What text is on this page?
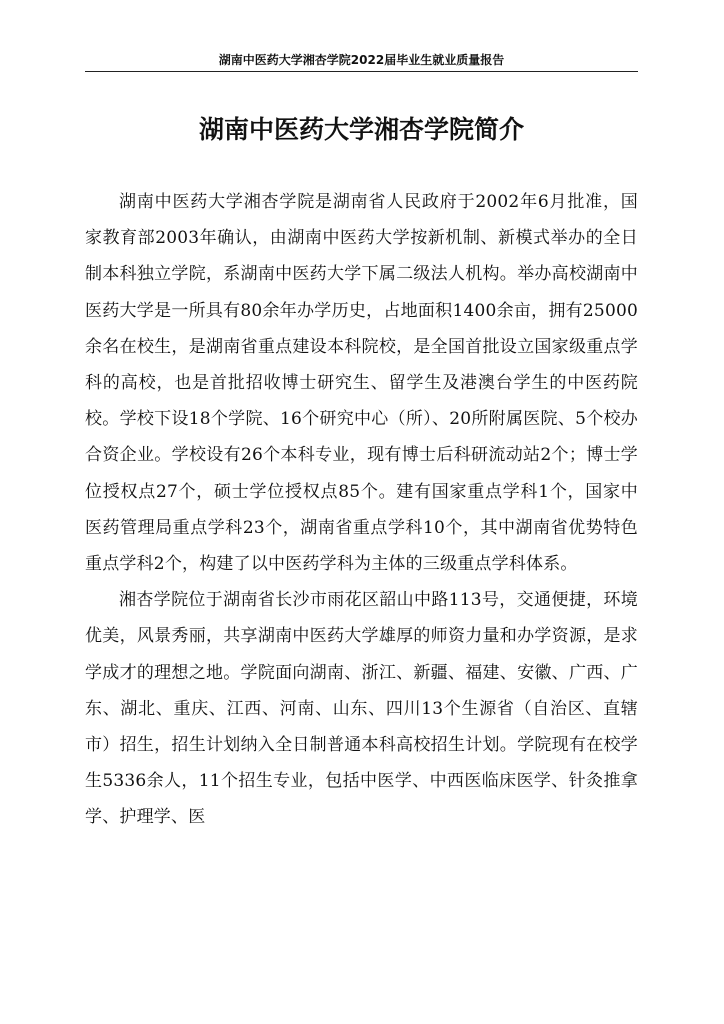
湖南中医药大学湘杏学院2022届毕业生就业质量报告
湖南中医药大学湘杏学院简介

湖南中医药大学湘杏学院是湖南省人民政府于2002年6月批准，国家教育部2003年确认，由湖南中医药大学按新机制、新模式举办的全日制本科独立学院，系湖南中医药大学下属二级法人机构。举办高校湖南中医药大学是一所具有80余年办学历史，占地面积1400余亩，拥有25000余名在校生，是湖南省重点建设本科院校，是全国首批设立国家级重点学科的高校，也是首批招收博士研究生、留学生及港澳台学生的中医药院校。学校下设18个学院、16个研究中心（所）、20所附属医院、5个校办合资企业。学校设有26个本科专业，现有博士后科研流动站2个；博士学位授权点27个，硕士学位授权点85个。建有国家重点学科1个，国家中医药管理局重点学科23个，湖南省重点学科10个，其中湖南省优势特色重点学科2个，构建了以中医药学科为主体的三级重点学科体系。

湘杏学院位于湖南省长沙市雨花区韶山中路113号，交通便捷，环境优美，风景秀丽，共享湖南中医药大学雄厚的师资力量和办学资源，是求学成才的理想之地。学院面向湖南、浙江、新疆、福建、安徽、广西、广东、湖北、重庆、江西、河南、山东、四川13个生源省（自治区、直辖市）招生，招生计划纳入全日制普通本科高校招生计划。学院现有在校学生5336余人，11个招生专业，包括中医学、中西医临床医学、针灸推拿学、护理学、医
